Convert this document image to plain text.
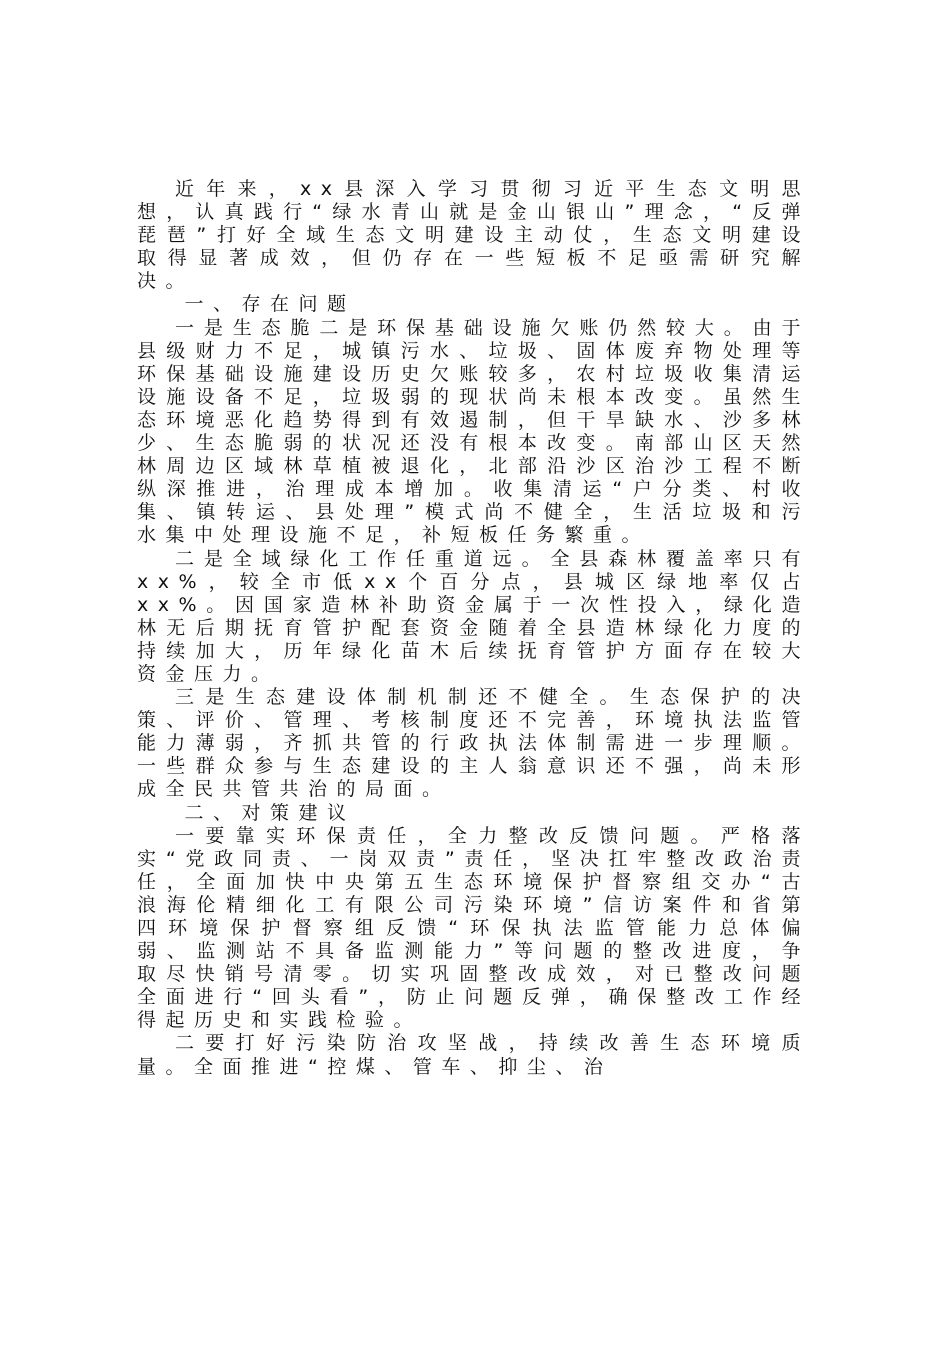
近年来，xx县深入学习贯彻习近平生态文明思想，认真践行“绿水青山就是金山银山”理念，“反弹琵琶”打好全域生态文明建设主动仗，生态文明建设取得显著成效，但仍存在一些短板不足亟需研究解决。

一、存在问题

一是生态脆二是环保基础设施欠账仍然较大。由于县级财力不足，城镇污水、垃圾、固体废弃物处理等环保基础设施建设历史欠账较多，农村垃圾收集清运设施设备不足，垃圾弱的现状尚未根本改变。虽然生态环境恶化趋势得到有效遏制，但干旱缺水、沙多林少、生态脆弱的状况还没有根本改变。南部山区天然林周边区域林草植被退化，北部沿沙区治沙工程不断纵深推进，治理成本增加。收集清运“户分类、村收集、镇转运、县处理”模式尚不健全，生活垃圾和污水集中处理设施不足，补短板任务繁重。

二是全域绿化工作任重道远。全县森林覆盖率只有xx%，较全市低xx个百分点，县城区绿地率仅占xx%。因国家造林补助资金属于一次性投入，绿化造林无后期抚育管护配套资金随着全县造林绿化力度的持续加大，历年绿化苗木后续抚育管护方面存在较大资金压力。

三是生态建设体制机制还不健全。生态保护的决策、评价、管理、考核制度还不完善，环境执法监管能力薄弱，齐抓共管的行政执法体制需进一步理顺。一些群众参与生态建设的主人翁意识还不强，尚未形成全民共管共治的局面。

二、对策建议

一要靠实环保责任，全力整改反馈问题。严格落实“党政同责、一岗双责”责任，坚决扛牢整改政治责任，全面加快中央第五生态环境保护督察组交办“古浪海伦精细化工有限公司污染环境”信访案件和省第四环境保护督察组反馈“环保执法监管能力总体偏弱、监测站不具备监测能力”等问题的整改进度，争取尽快销号清零。切实巩固整改成效，对已整改问题全面进行“回头看”，防止问题反弹，确保整改工作经得起历史和实践检验。

二要打好污染防治攻坚战，持续改善生态环境质量。全面推进“控煤、管车、抑尘、治
